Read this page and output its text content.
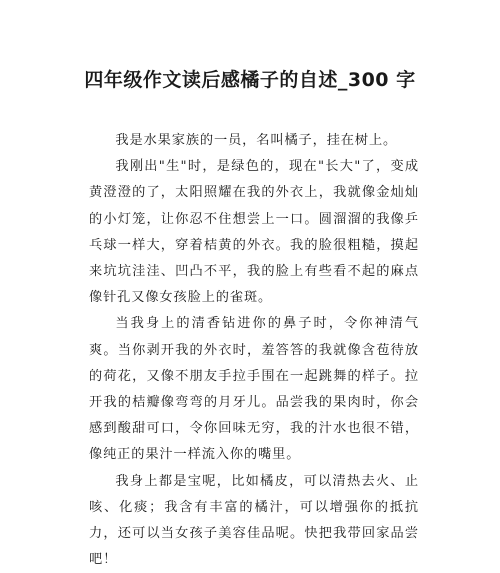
四年级作文读后感橘子的自述_300 字

我是水果家族的一员，名叫橘子，挂在树上。

我刚出"生"时，是绿色的，现在"长大"了，变成黄澄澄的了，太阳照耀在我的外衣上，我就像金灿灿的小灯笼，让你忍不住想尝上一口。圆溜溜的我像乒乓球一样大，穿着桔黄的外衣。我的脸很粗糙，摸起来坑坑洼洼、凹凸不平，我的脸上有些看不起的麻点像针孔又像女孩脸上的雀斑。

当我身上的清香钻进你的鼻子时，令你神清气爽。当你剥开我的外衣时，羞答答的我就像含苞待放的荷花，又像不朋友手拉手围在一起跳舞的样子。拉开我的桔瓣像弯弯的月牙儿。品尝我的果肉时，你会感到酸甜可口，令你回味无穷，我的汁水也很不错，像纯正的果汁一样流入你的嘴里。

我身上都是宝呢，比如橘皮，可以清热去火、止咳、化痰；我含有丰富的橘汁，可以增强你的抵抗力，还可以当女孩子美容佳品呢。快把我带回家品尝吧！
